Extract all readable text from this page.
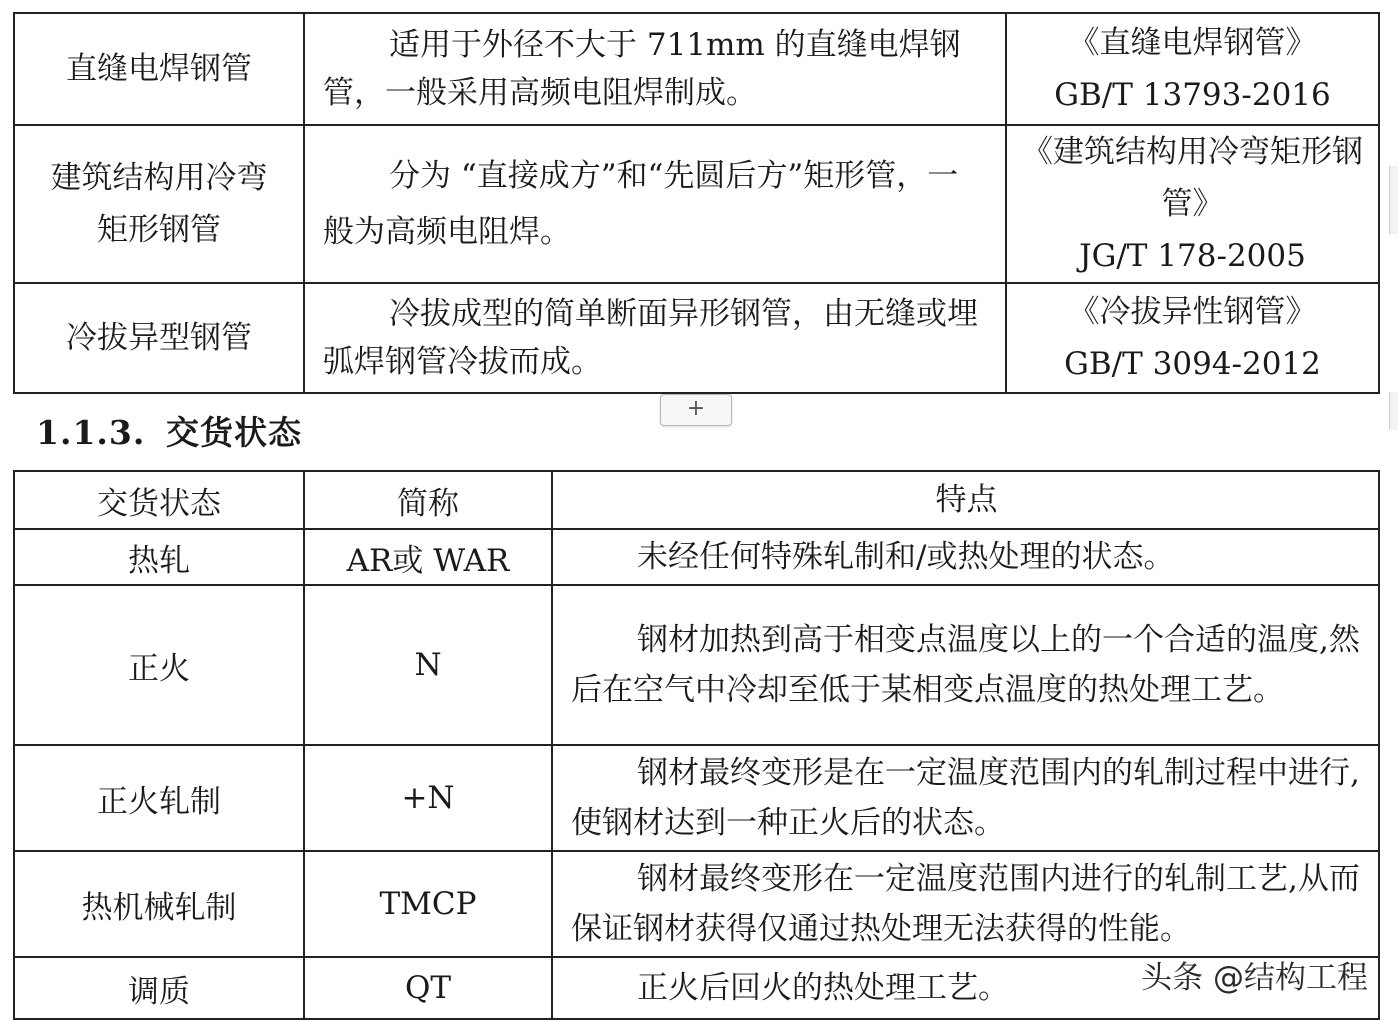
直缝电焊钢管	适用于外径不大于 711mm 的直缝电焊钢管，一般采用高频电阻焊制成。	《直缝电焊钢管》
GB/T 13793-2016

建筑结构用冷弯矩形钢管	分为 “直接成方”和“先圆后方”矩形管，一般为高频电阻焊。	《建筑结构用冷弯矩形钢管》
JG/T 178-2005

冷拔异型钢管	冷拔成型的简单断面异形钢管，由无缝或埋弧焊钢管冷拔而成。	《冷拔异性钢管》
GB/T 3094-2012
+
1.1.3. 交货状态
交货状态	简称	特点
热轧	AR或 WAR	未经任何特殊轧制和/或热处理的状态。
正火	N	钢材加热到高于相变点温度以上的一个合适的温度,然后在空气中冷却至低于某相变点温度的热处理工艺。
正火轧制	+N	钢材最终变形是在一定温度范围内的轧制过程中进行,使钢材达到一种正火后的状态。
热机械轧制	TMCP	钢材最终变形在一定温度范围内进行的轧制工艺,从而保证钢材获得仅通过热处理无法获得的性能。
调质	QT	正火后回火的热处理工艺。	头条 @结构工程
